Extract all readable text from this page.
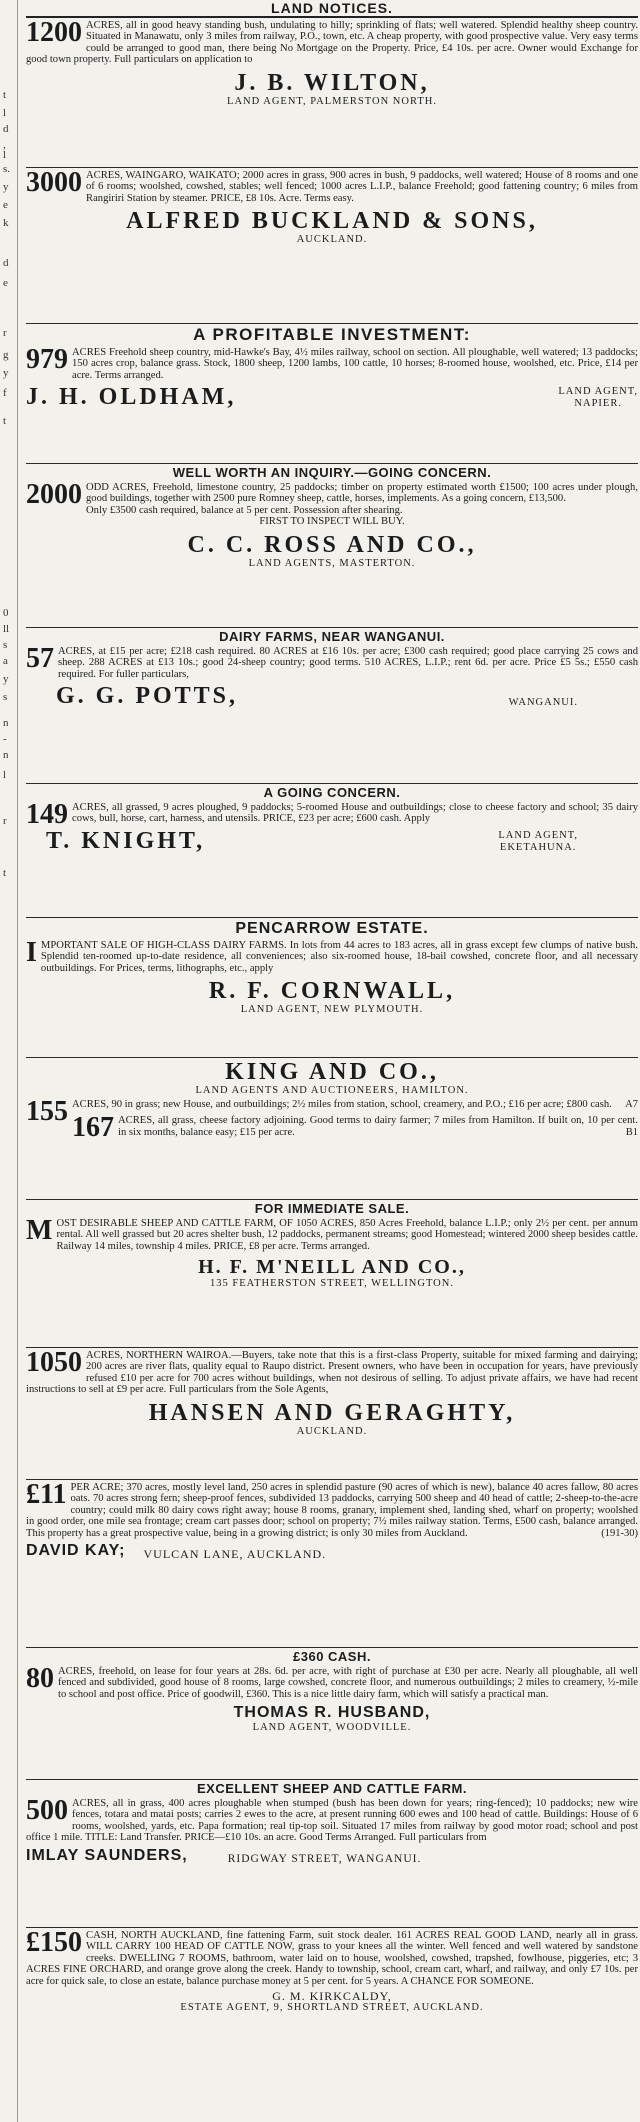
t
l
d
,
l
s.
y
e
k
d
e
r
g
y
f
t
0
ll
s
a
y
s
n
-
n
l
r
t
LAND NOTICES.
1200 ACRES, all in good heavy standing bush, undulating to hilly; sprinkling of flats; well watered. Splendid healthy sheep country. Situated in Manawatu, only 3 miles from railway, P.O., town, etc. A cheap property, with good prospective value. Very easy terms could be arranged to good man, there being No Mortgage on the Property. Price, £4 10s. per acre. Owner would Exchange for good town property. Full particulars on application to
J. B. WILTON,
LAND AGENT, PALMERSTON NORTH.
3000 ACRES, WAINGARO, WAIKATO; 2000 acres in grass, 900 acres in bush, 9 paddocks, well watered; House of 8 rooms and one of 6 rooms; woolshed, cowshed, stables; well fenced; 1000 acres L.I.P., balance Freehold; good fattening country; 6 miles from Rangiriri Station by steamer. PRICE, £8 10s. Acre. Terms easy.
ALFRED BUCKLAND & SONS,
AUCKLAND.
A PROFITABLE INVESTMENT:
979 ACRES Freehold sheep country, mid-Hawke's Bay, 4½ miles railway, school on section. All ploughable, well watered; 13 paddocks; 150 acres crop, balance grass. Stock, 1800 sheep, 1200 lambs, 100 cattle, 10 horses; 8-roomed house, woolshed, etc. Price, £14 per acre. Terms arranged.
J. H. OLDHAM,	LAND AGENT,
NAPIER.
WELL WORTH AN INQUIRY.—GOING CONCERN.
2000 ODD ACRES, Freehold, limestone country, 25 paddocks; timber on property estimated worth £1500; 100 acres under plough, good buildings, together with 2500 pure Romney sheep, cattle, horses, implements. As a going concern, £13,500.
Only £3500 cash required, balance at 5 per cent. Possession after shearing.
FIRST TO INSPECT WILL BUY.
C. C. ROSS AND CO.,
LAND AGENTS, MASTERTON.
DAIRY FARMS, NEAR WANGANUI.
57 ACRES, at £15 per acre; £218 cash required. 80 ACRES at £16 10s. per acre; £300 cash required; good place carrying 25 cows and sheep. 288 ACRES at £13 10s.; good 24-sheep country; good terms. 510 ACRES, L.I.P.; rent 6d. per acre. Price £5 5s.; £550 cash required. For fuller particulars,
G. G. POTTS,	WANGANUI.
A GOING CONCERN.
149 ACRES, all grassed, 9 acres ploughed, 9 paddocks; 5-roomed House and outbuildings; close to cheese factory and school; 35 dairy cows, bull, horse, cart, harness, and utensils. PRICE, £23 per acre; £600 cash. Apply
T. KNIGHT,	LAND AGENT,
EKETAHUNA.
PENCARROW ESTATE.
IMPORTANT SALE OF HIGH-CLASS DAIRY FARMS. In lots from 44 acres to 183 acres, all in grass except few clumps of native bush. Splendid ten-roomed up-to-date residence, all conveniences; also six-roomed house, 18-bail cowshed, concrete floor, and all necessary outbuildings. For Prices, terms, lithographs, etc., apply
R. F. CORNWALL,
LAND AGENT, NEW PLYMOUTH.
KING AND CO.,
LAND AGENTS AND AUCTIONEERS, HAMILTON.
155 ACRES, 90 in grass; new House, and outbuildings; 2½ miles from station, school, creamery, and P.O.; £16 per acre; £800 cash. A7
167 ACRES, all grass, cheese factory adjoining. Good terms to dairy farmer; 7 miles from Hamilton. If built on, 10 per cent. in six months, balance easy; £15 per acre.	B1
FOR IMMEDIATE SALE.
MOST DESIRABLE SHEEP AND CATTLE FARM, OF 1050 ACRES, 850 Acres Freehold, balance L.I.P.; only 2½ per cent. per annum rental. All well grassed but 20 acres shelter bush, 12 paddocks, permanent streams; good Homestead; wintered 2000 sheep besides cattle. Railway 14 miles, township 4 miles. PRICE, £8 per acre. Terms arranged.
H. F. M'NEILL AND CO.,
135 FEATHERSTON STREET, WELLINGTON.
1050 ACRES, NORTHERN WAIROA.—Buyers, take note that this is a first-class Property, suitable for mixed farming and dairying; 200 acres are river flats, quality equal to Raupo district. Present owners, who have been in occupation for years, have previously refused £10 per acre for 700 acres without buildings, when not desirous of selling. To adjust private affairs, we have had recent instructions to sell at £9 per acre. Full particulars from the Sole Agents,
HANSEN AND GERAGHTY,
AUCKLAND.
£11 PER ACRE; 370 acres, mostly level land, 250 acres in splendid pasture (90 acres of which is new), balance 40 acres fallow, 80 acres oats. 70 acres strong fern; sheep-proof fences, subdivided 13 paddocks, carrying 500 sheep and 40 head of cattle; 2-sheep-to-the-acre country; could milk 80 dairy cows right away; house 8 rooms, granary, implement shed, landing shed, wharf on property; woolshed in good order, one mile sea frontage; cream cart passes door; school on property; 7½ miles railway station. Terms, £500 cash, balance arranged. This property has a great prospective value, being in a growing district; is only 30 miles from Auckland.	(191-30)
DAVID KAY; VULCAN LANE, AUCKLAND.
£360 CASH.
80 ACRES, freehold, on lease for four years at 28s. 6d. per acre, with right of purchase at £30 per acre. Nearly all ploughable, all well fenced and subdivided, good house of 8 rooms, large cowshed, concrete floor, and numerous outbuildings; 2 miles to creamery, ½-mile to school and post office. Price of goodwill, £360. This is a nice little dairy farm, which will satisfy a practical man.
THOMAS R. HUSBAND,
LAND AGENT, WOODVILLE.
EXCELLENT SHEEP AND CATTLE FARM.
500 ACRES, all in grass, 400 acres ploughable when stumped (bush has been down for years; ring-fenced); 10 paddocks; new wire fences, totara and matai posts; carries 2 ewes to the acre, at present running 600 ewes and 100 head of cattle. Buildings: House of 6 rooms, woolshed, yards, etc. Papa formation; real tip-top soil. Situated 17 miles from railway by good motor road; school and post office 1 mile. TITLE: Land Transfer. PRICE—£10 10s. an acre. Good Terms Arranged. Full particulars from
IMLAY SAUNDERS,	RIDGWAY STREET, WANGANUI.
£150 CASH, NORTH AUCKLAND, fine fattening Farm, suit stock dealer. 161 ACRES REAL GOOD LAND, nearly all in grass. WILL CARRY 100 HEAD OF CATTLE NOW, grass to your knees all the winter. Well fenced and well watered by sandstone creeks. DWELLING 7 ROOMS, bathroom, water laid on to house, woolshed, cowshed, trapshed, fowlhouse, piggeries, etc; 3 ACRES FINE ORCHARD, and orange grove along the creek. Handy to township, school, cream cart, wharf, and railway, and only £7 10s. per acre for quick sale, to close an estate, balance purchase money at 5 per cent. for 5 years. A CHANCE FOR SOMEONE.
G. M. KIRKCALDY,
ESTATE AGENT, 9, SHORTLAND STREET, AUCKLAND.
